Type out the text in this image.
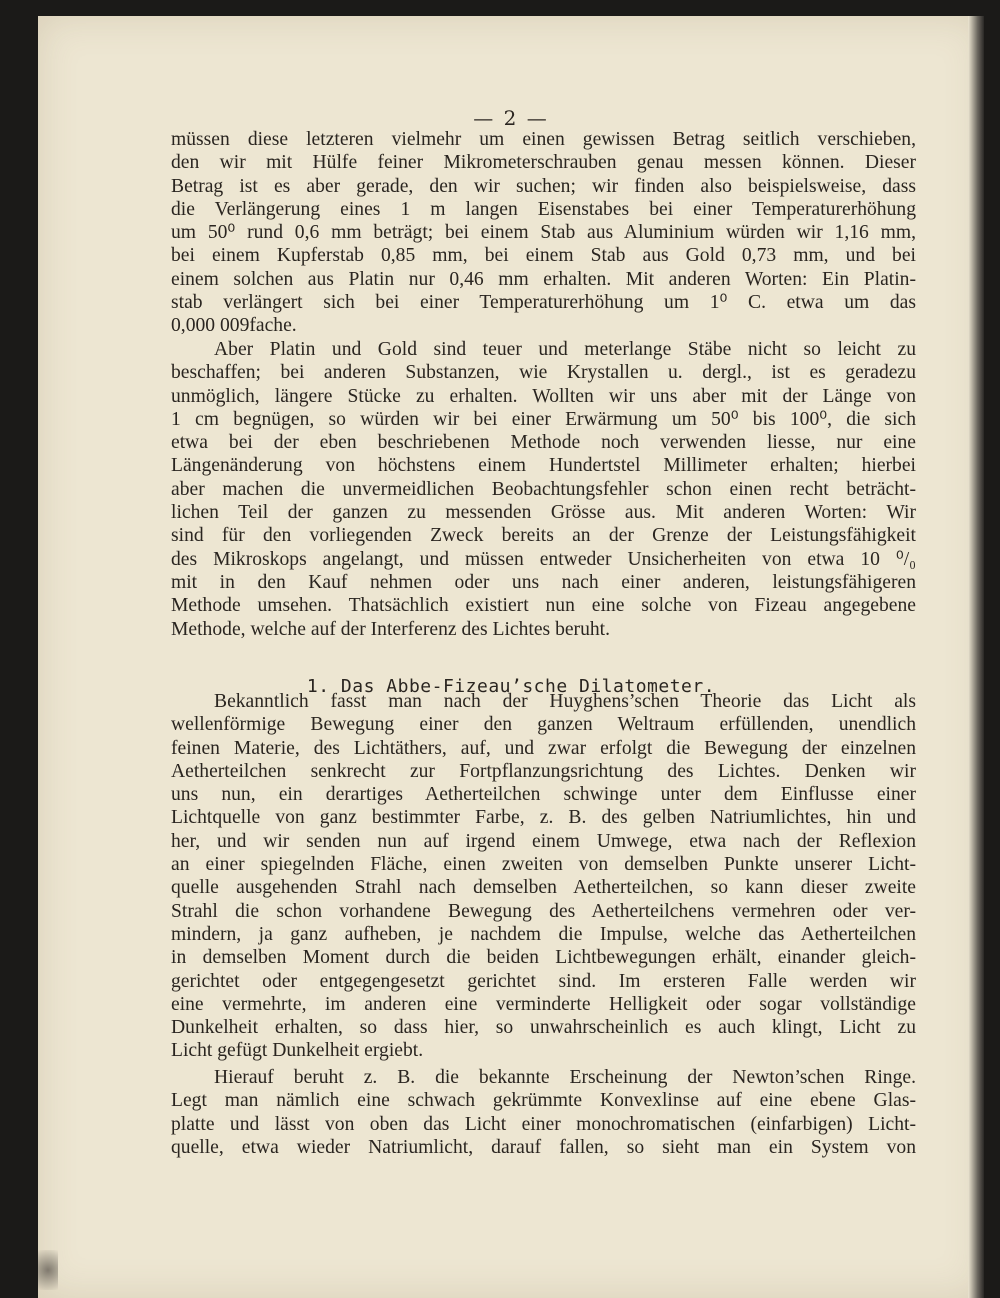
— 2 —
müssen diese letzteren vielmehr um einen gewissen Betrag seitlich verschieben,
den wir mit Hülfe feiner Mikrometerschrauben genau messen können. Dieser
Betrag ist es aber gerade, den wir suchen; wir finden also beispielsweise, dass
die Verlängerung eines 1 m langen Eisenstabes bei einer Temperaturerhöhung
um 50⁰ rund 0,6 mm beträgt; bei einem Stab aus Aluminium würden wir 1,16 mm,
bei einem Kupferstab 0,85 mm, bei einem Stab aus Gold 0,73 mm, und bei
einem solchen aus Platin nur 0,46 mm erhalten. Mit anderen Worten: Ein Platin-
stab verlängert sich bei einer Temperaturerhöhung um 1⁰ C. etwa um das
0,000 009fache.
Aber Platin und Gold sind teuer und meterlange Stäbe nicht so leicht zu
beschaffen; bei anderen Substanzen, wie Krystallen u. dergl., ist es geradezu
unmöglich, längere Stücke zu erhalten. Wollten wir uns aber mit der Länge von
1 cm begnügen, so würden wir bei einer Erwärmung um 50⁰ bis 100⁰, die sich
etwa bei der eben beschriebenen Methode noch verwenden liesse, nur eine
Längenänderung von höchstens einem Hundertstel Millimeter erhalten; hierbei
aber machen die unvermeidlichen Beobachtungsfehler schon einen recht beträcht-
lichen Teil der ganzen zu messenden Grösse aus. Mit anderen Worten: Wir
sind für den vorliegenden Zweck bereits an der Grenze der Leistungsfähigkeit
des Mikroskops angelangt, und müssen entweder Unsicherheiten von etwa 10 ⁰/₀
mit in den Kauf nehmen oder uns nach einer anderen, leistungsfähigeren
Methode umsehen. Thatsächlich existiert nun eine solche von Fizeau angegebene
Methode, welche auf der Interferenz des Lichtes beruht.
1. Das Abbe-Fizeau’sche Dilatometer.
Bekanntlich fasst man nach der Huyghens’schen Theorie das Licht als
wellenförmige Bewegung einer den ganzen Weltraum erfüllenden, unendlich
feinen Materie, des Lichtäthers, auf, und zwar erfolgt die Bewegung der einzelnen
Aetherteilchen senkrecht zur Fortpflanzungsrichtung des Lichtes. Denken wir
uns nun, ein derartiges Aetherteilchen schwinge unter dem Einflusse einer
Lichtquelle von ganz bestimmter Farbe, z. B. des gelben Natriumlichtes, hin und
her, und wir senden nun auf irgend einem Umwege, etwa nach der Reflexion
an einer spiegelnden Fläche, einen zweiten von demselben Punkte unserer Licht-
quelle ausgehenden Strahl nach demselben Aetherteilchen, so kann dieser zweite
Strahl die schon vorhandene Bewegung des Aetherteilchens vermehren oder ver-
mindern, ja ganz aufheben, je nachdem die Impulse, welche das Aetherteilchen
in demselben Moment durch die beiden Lichtbewegungen erhält, einander gleich-
gerichtet oder entgegengesetzt gerichtet sind. Im ersteren Falle werden wir
eine vermehrte, im anderen eine verminderte Helligkeit oder sogar vollständige
Dunkelheit erhalten, so dass hier, so unwahrscheinlich es auch klingt, Licht zu
Licht gefügt Dunkelheit ergiebt.
Hierauf beruht z. B. die bekannte Erscheinung der Newton’schen Ringe.
Legt man nämlich eine schwach gekrümmte Konvexlinse auf eine ebene Glas-
platte und lässt von oben das Licht einer monochromatischen (einfarbigen) Licht-
quelle, etwa wieder Natriumlicht, darauf fallen, so sieht man ein System von
